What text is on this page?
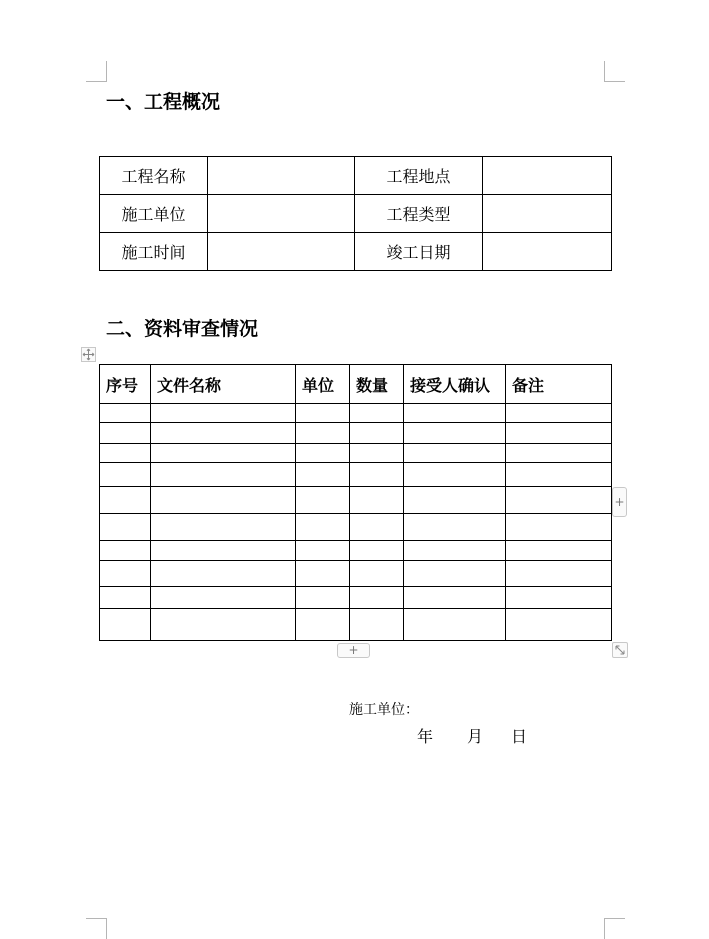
一、工程概况
工程名称		工程地点	
施工单位		工程类型	
施工时间		竣工日期	
二、资料审查情况
序号	文件名称	单位	数量	接受人确认	备注

+
+
施工单位：
年 月 日
